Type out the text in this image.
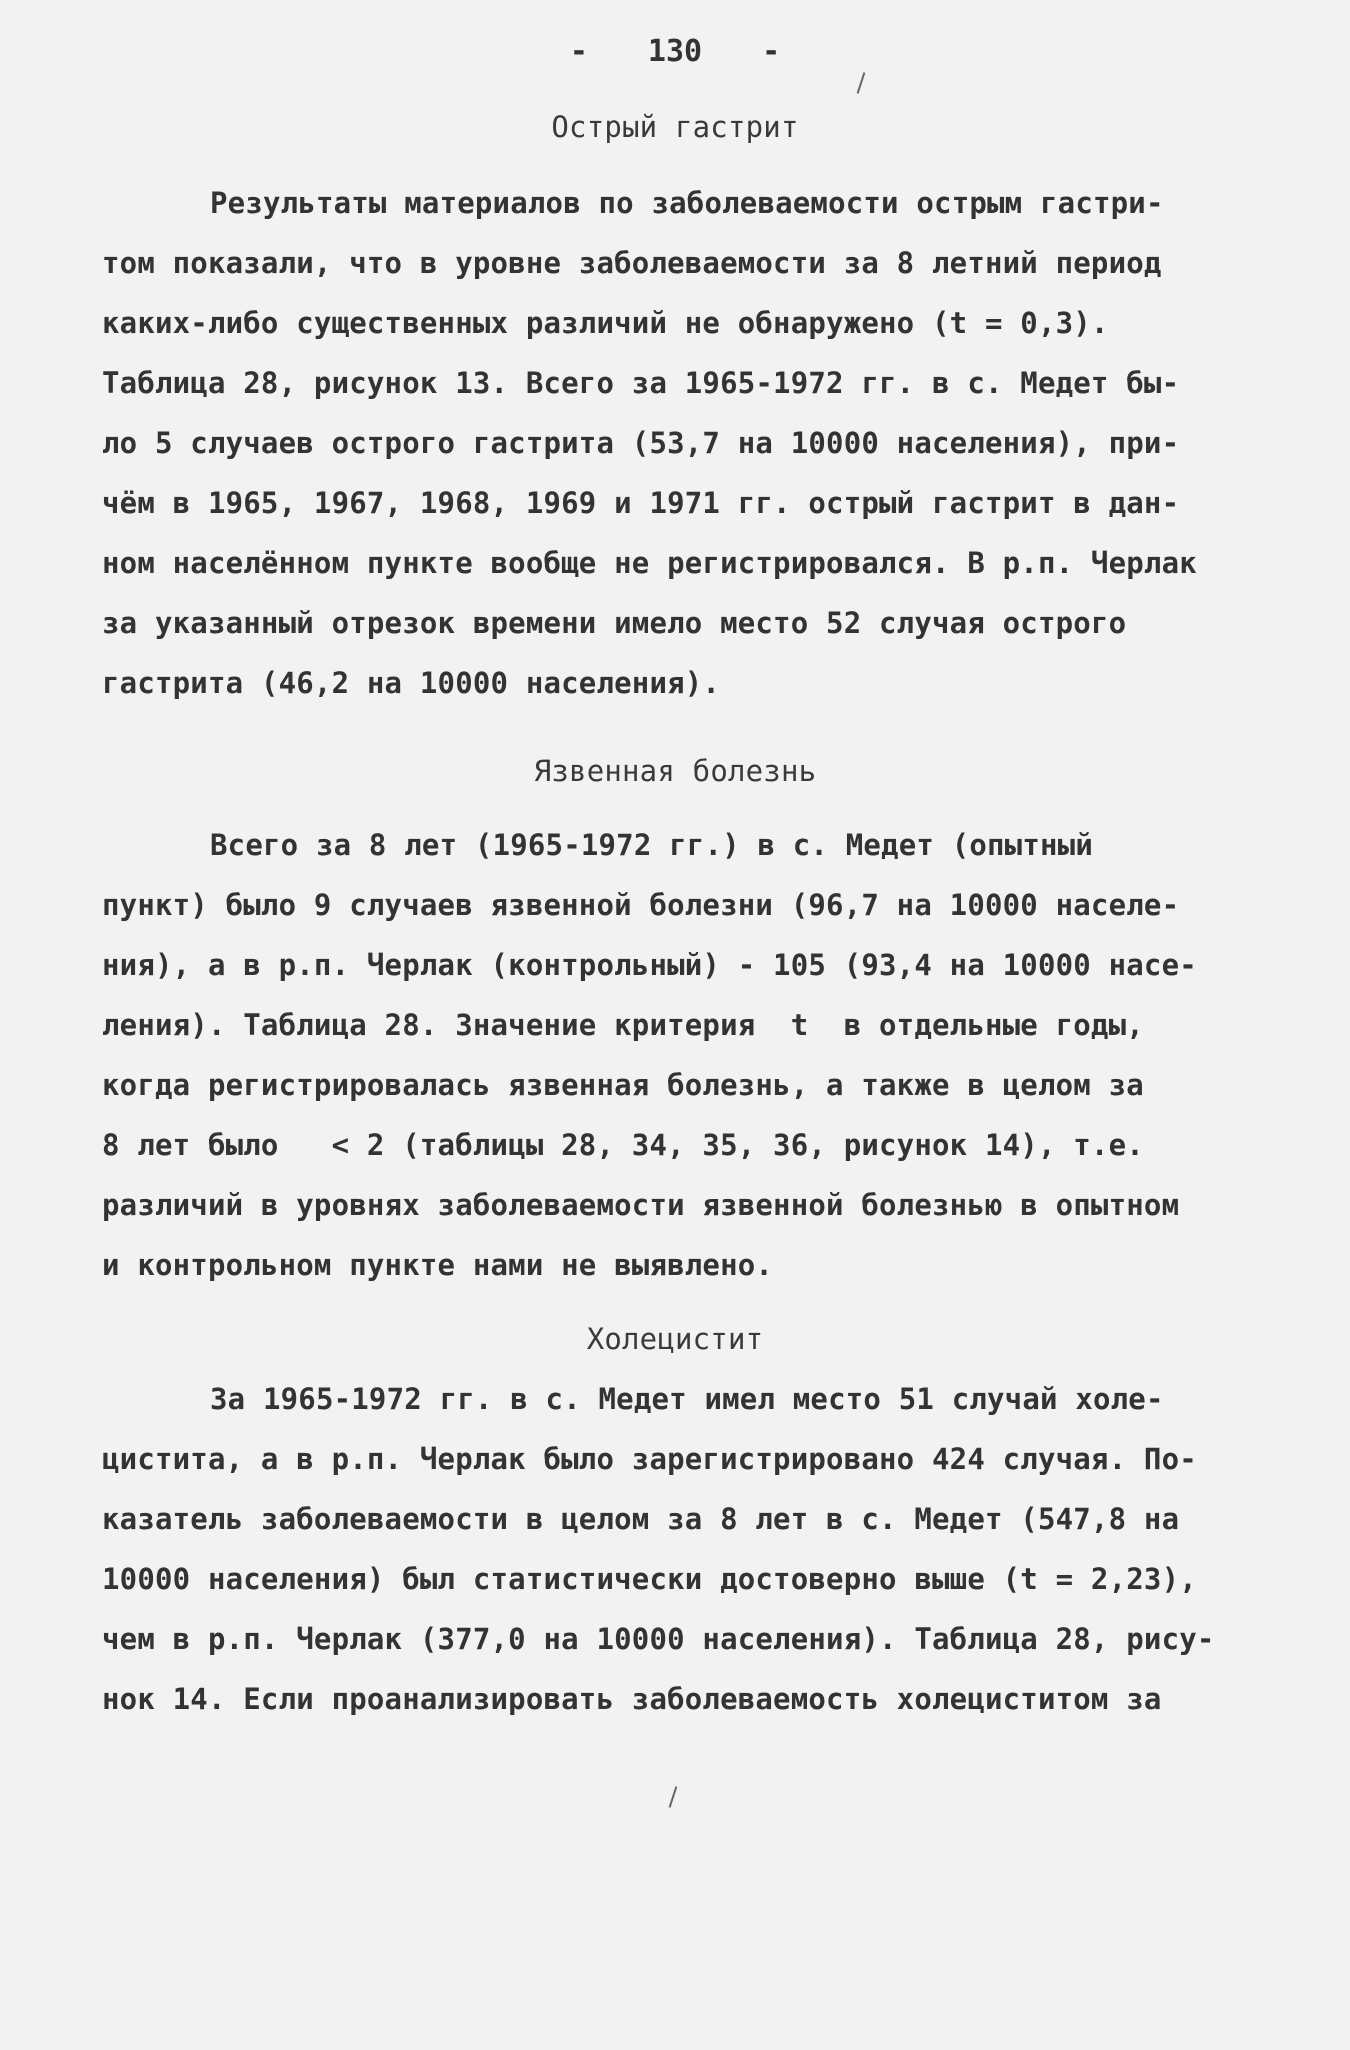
- 130 -
Острый гастрит
Результаты материалов по заболеваемости острым гастри-
том показали, что в уровне заболеваемости за 8 летний период
каких-либо существенных различий не обнаружено (t = 0,3).
Таблица 28, рисунок 13. Всего за 1965-1972 гг. в с. Медет бы-
ло 5 случаев острого гастрита (53,7 на 10000 населения), при-
чём в 1965, 1967, 1968, 1969 и 1971 гг. острый гастрит в дан-
ном населённом пункте вообще не регистрировался. В р.п. Черлак
за указанный отрезок времени имело место 52 случая острого
гастрита (46,2 на 10000 населения).
Язвенная болезнь
Всего за 8 лет (1965-1972 гг.) в с. Медет (опытный
пункт) было 9 случаев язвенной болезни (96,7 на 10000 населе-
ния), а в р.п. Черлак (контрольный) - 105 (93,4 на 10000 насе-
ления). Таблица 28. Значение критерия  t  в отдельные годы,
когда регистрировалась язвенная болезнь, а также в целом за
8 лет было   < 2 (таблицы 28, 34, 35, 36, рисунок 14), т.е.
различий в уровнях заболеваемости язвенной болезнью в опытном
и контрольном пункте нами не выявлено.
Холецистит
За 1965-1972 гг. в с. Медет имел место 51 случай холе-
цистита, а в р.п. Черлак было зарегистрировано 424 случая. По-
казатель заболеваемости в целом за 8 лет в с. Медет (547,8 на
10000 населения) был статистически достоверно выше (t = 2,23),
чем в р.п. Черлак (377,0 на 10000 населения). Таблица 28, рису-
нок 14. Если проанализировать заболеваемость холециститом за
